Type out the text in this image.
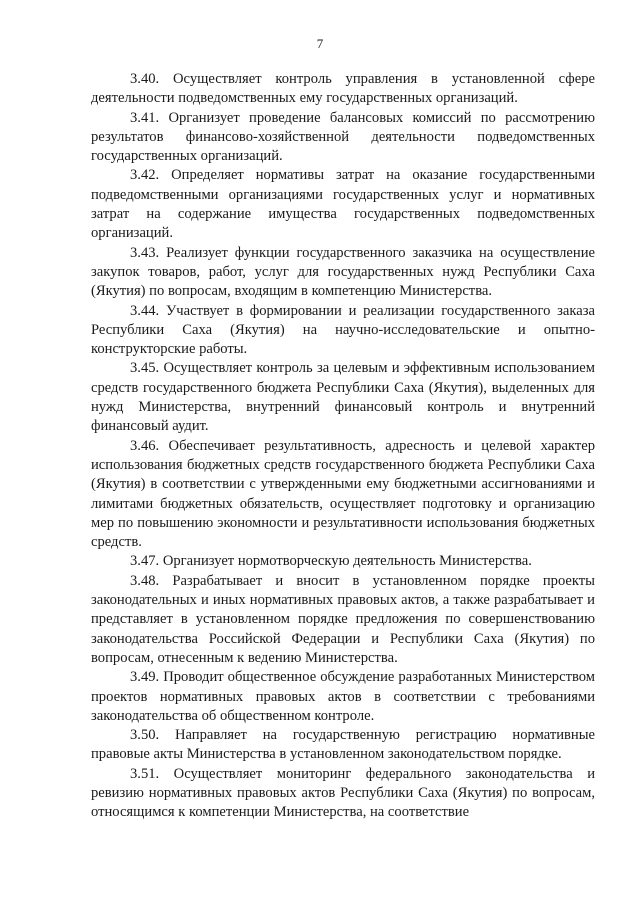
7

3.40. Осуществляет контроль управления в установленной сфере деятельности подведомственных ему государственных организаций.

3.41. Организует проведение балансовых комиссий по рассмотрению результатов финансово-хозяйственной деятельности подведомственных государственных организаций.

3.42. Определяет нормативы затрат на оказание государственными подведомственными организациями государственных услуг и нормативных затрат на содержание имущества государственных подведомственных организаций.

3.43. Реализует функции государственного заказчика на осуществление закупок товаров, работ, услуг для государственных нужд Республики Саха (Якутия) по вопросам, входящим в компетенцию Министерства.

3.44. Участвует в формировании и реализации государственного заказа Республики Саха (Якутия) на научно-исследовательские и опытно-конструкторские работы.

3.45. Осуществляет контроль за целевым и эффективным использованием средств государственного бюджета Республики Саха (Якутия), выделенных для нужд Министерства, внутренний финансовый контроль и внутренний финансовый аудит.

3.46. Обеспечивает результативность, адресность и целевой характер использования бюджетных средств государственного бюджета Республики Саха (Якутия) в соответствии с утвержденными ему бюджетными ассигнованиями и лимитами бюджетных обязательств, осуществляет подготовку и организацию мер по повышению экономности и результативности использования бюджетных средств.

3.47. Организует нормотворческую деятельность Министерства.

3.48. Разрабатывает и вносит в установленном порядке проекты законодательных и иных нормативных правовых актов, а также разрабатывает и представляет в установленном порядке предложения по совершенствованию законодательства Российской Федерации и Республики Саха (Якутия) по вопросам, отнесенным к ведению Министерства.

3.49. Проводит общественное обсуждение разработанных Министерством проектов нормативных правовых актов в соответствии с требованиями законодательства об общественном контроле.

3.50. Направляет на государственную регистрацию нормативные правовые акты Министерства в установленном законодательством порядке.

3.51. Осуществляет мониторинг федерального законодательства и ревизию нормативных правовых актов Республики Саха (Якутия) по вопросам, относящимся к компетенции Министерства, на соответствие
